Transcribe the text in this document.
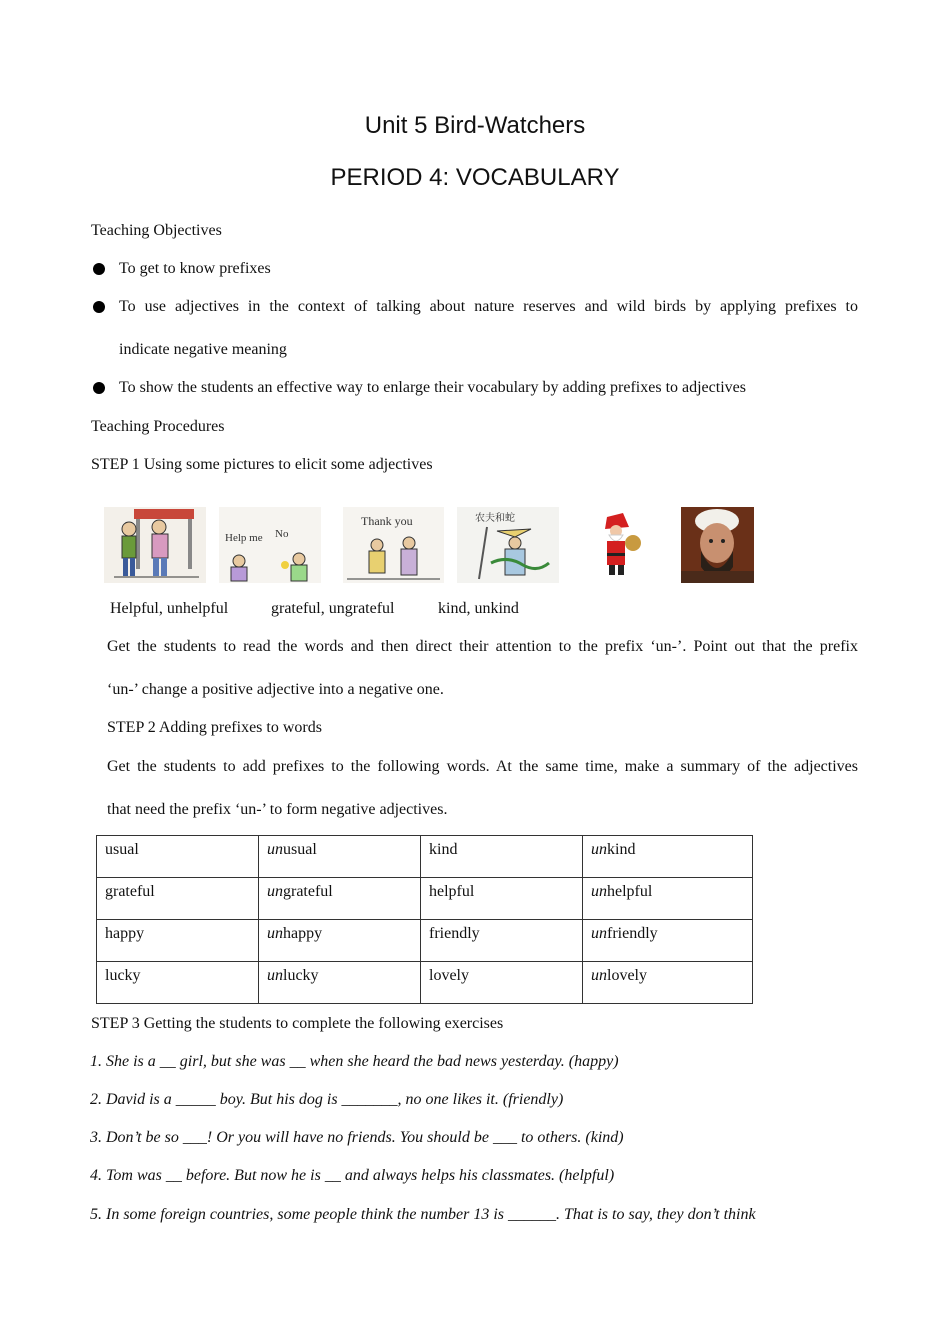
Unit 5 Bird-Watchers
PERIOD 4: VOCABULARY
Teaching Objectives
To get to know prefixes
To use adjectives in the context of talking about nature reserves and wild birds by applying prefixes to
indicate negative meaning
To show the students an effective way to enlarge their vocabulary by adding prefixes to adjectives
Teaching Procedures
STEP 1 Using some pictures to elicit some adjectives
Help me No
Thank you	农夫和蛇
Helpful, unhelpful	grateful, ungrateful	kind, unkind
Get the students to read the words and then direct their attention to the prefix ‘un-’. Point out that the prefix
‘un-’ change a positive adjective into a negative one.
STEP 2 Adding prefixes to words
Get the students to add prefixes to the following words. At the same time, make a summary of the adjectives
that need the prefix ‘un-’ to form negative adjectives.
usual	unusual	kind	unkind
grateful	ungrateful	helpful	unhelpful
happy	unhappy	friendly	unfriendly
lucky	unlucky	lovely	unlovely
STEP 3 Getting the students to complete the following exercises
1. She is a __ girl, but she was __ when she heard the bad news yesterday. (happy)
2. David is a _____ boy. But his dog is _______, no one likes it. (friendly)
3. Don’t be so ___! Or you will have no friends. You should be ___ to others. (kind)
4. Tom was __ before. But now he is __ and always helps his classmates. (helpful)
5. In some foreign countries, some people think the number 13 is ______. That is to say, they don’t think
